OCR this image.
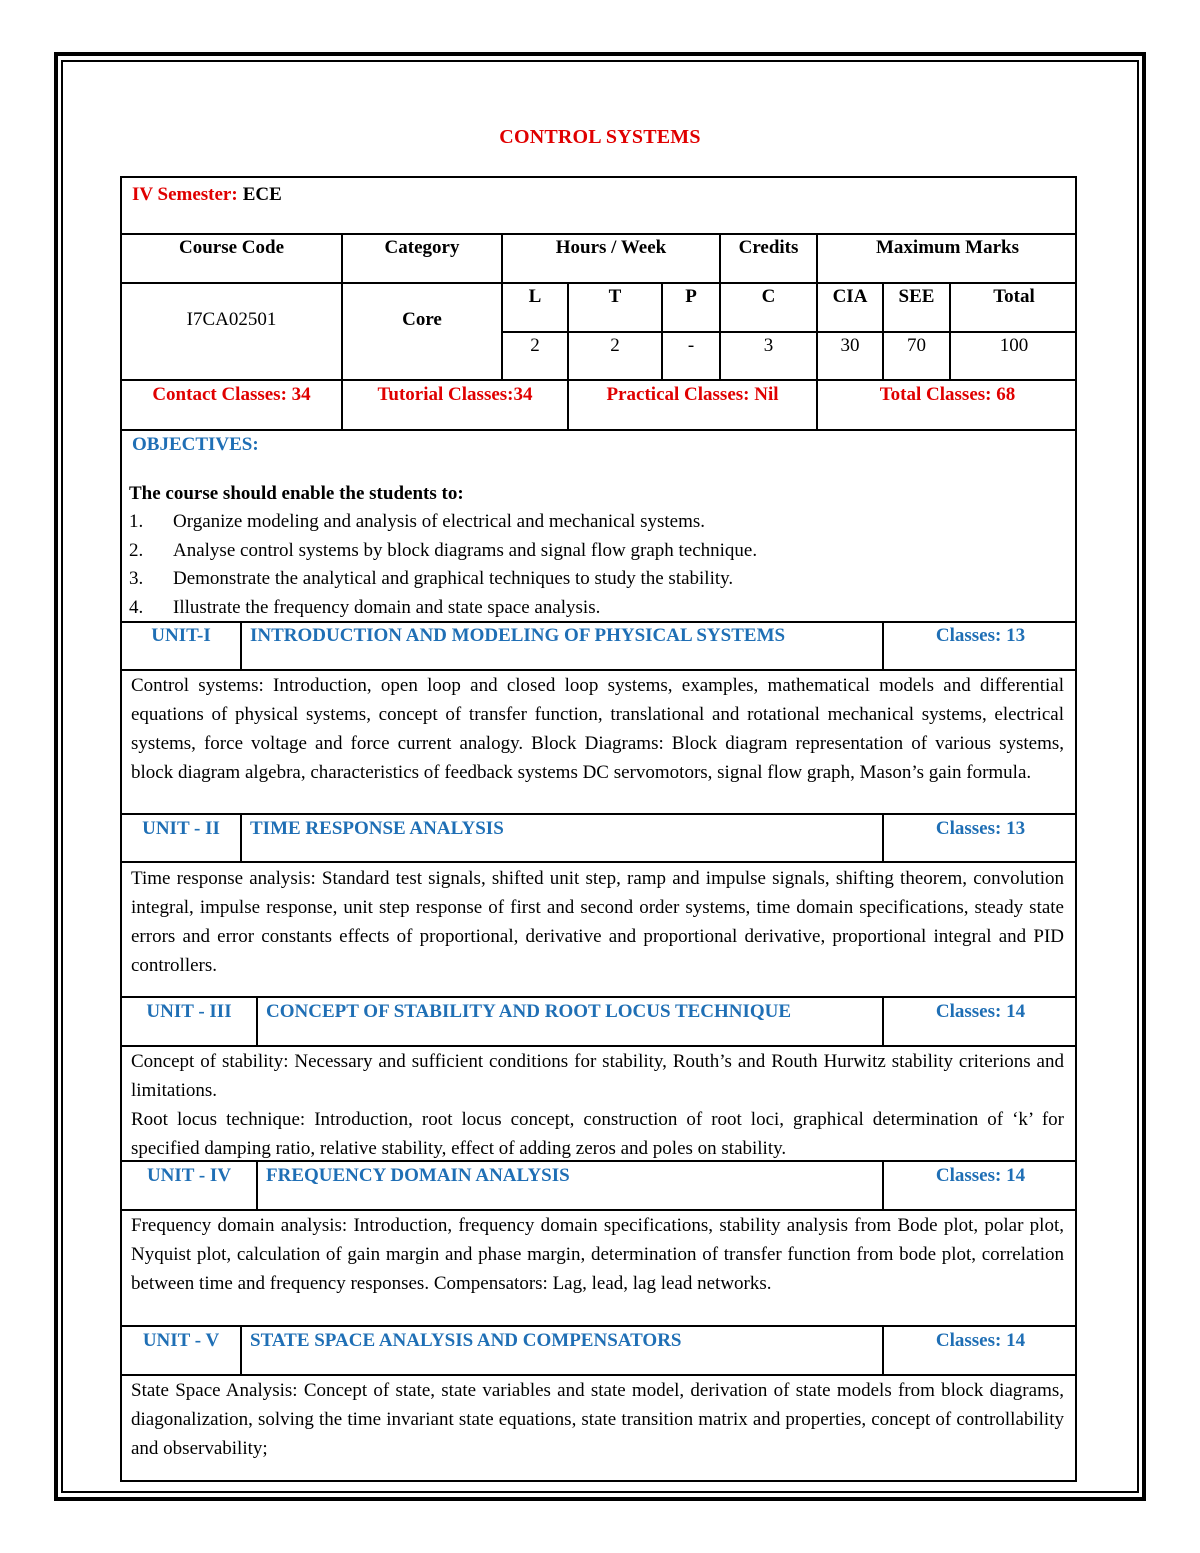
CONTROL SYSTEMS
IV Semester: ECE
Course Code	Category	Hours / Week	Credits	Maximum Marks
L	T	P	C	CIA	SEE	Total
I7CA02501	Core
2	2	-	3	30	70	100
Contact Classes: 34	Tutorial Classes:34	Practical Classes: Nil	Total Classes: 68
OBJECTIVES:
The course should enable the students to:
1. Organize modeling and analysis of electrical and mechanical systems.
2. Analyse control systems by block diagrams and signal flow graph technique.
3. Demonstrate the analytical and graphical techniques to study the stability.
4. Illustrate the frequency domain and state space analysis.
UNIT-I	INTRODUCTION AND MODELING OF PHYSICAL SYSTEMS	Classes: 13

Control systems: Introduction, open loop and closed loop systems, examples, mathematical models and differential equations of physical systems, concept of transfer function, translational and rotational mechanical systems, electrical systems, force voltage and force current analogy. Block Diagrams: Block diagram representation of various systems, block diagram algebra, characteristics of feedback systems DC servomotors, signal flow graph, Mason’s gain formula.

UNIT - II	TIME RESPONSE ANALYSIS	Classes: 13

Time response analysis: Standard test signals, shifted unit step, ramp and impulse signals, shifting theorem, convolution integral, impulse response, unit step response of first and second order systems, time domain specifications, steady state errors and error constants effects of proportional, derivative and proportional derivative, proportional integral and PID controllers.

UNIT - III	CONCEPT OF STABILITY AND ROOT LOCUS TECHNIQUE	Classes: 14

Concept of stability: Necessary and sufficient conditions for stability, Routh’s and Routh Hurwitz stability criterions and limitations.

Root locus technique: Introduction, root locus concept, construction of root loci, graphical determination of ‘k’ for specified damping ratio, relative stability, effect of adding zeros and poles on stability.

UNIT - IV	FREQUENCY DOMAIN ANALYSIS	Classes: 14

Frequency domain analysis: Introduction, frequency domain specifications, stability analysis from Bode plot, polar plot, Nyquist plot, calculation of gain margin and phase margin, determination of transfer function from bode plot, correlation between time and frequency responses. Compensators: Lag, lead, lag lead networks.

UNIT - V	STATE SPACE ANALYSIS AND COMPENSATORS	Classes: 14

State Space Analysis: Concept of state, state variables and state model, derivation of state models from block diagrams, diagonalization, solving the time invariant state equations, state transition matrix and properties, concept of controllability and observability;
